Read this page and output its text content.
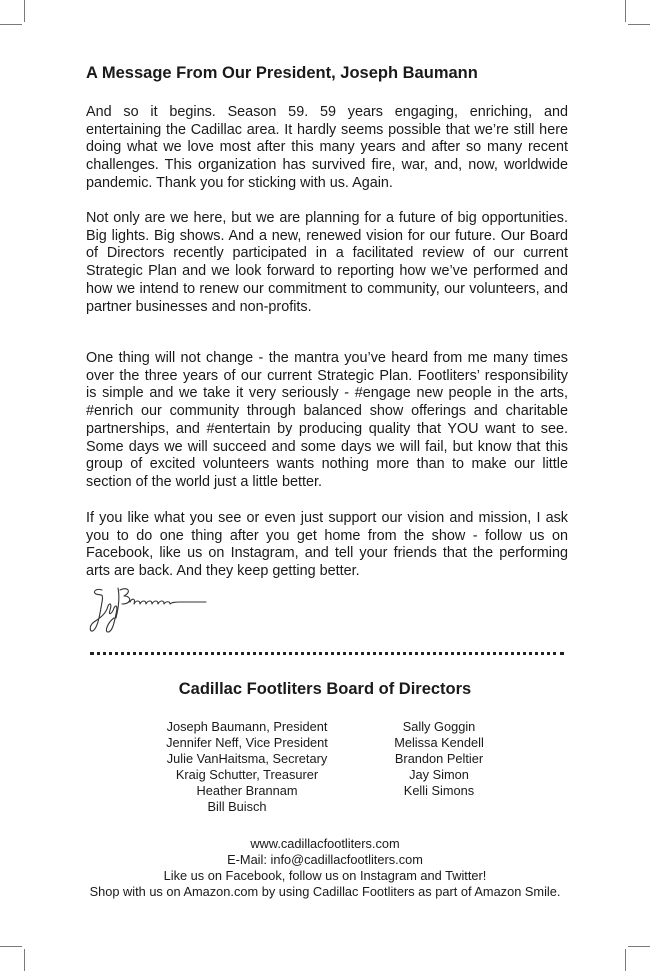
A Message From Our President, Joseph Baumann

And so it begins. Season 59. 59 years engaging, enriching, and entertaining the Cadillac area. It hardly seems possible that we’re still here doing what we love most after this many years and after so many recent challenges. This organization has survived fire, war, and, now, worldwide pandemic. Thank you for sticking with us. Again.

Not only are we here, but we are planning for a future of big opportunities. Big lights. Big shows. And a new, renewed vision for our future. Our Board of Directors recently participated in a facilitated review of our current Strategic Plan and we look forward to reporting how we’ve performed and how we intend to renew our commitment to community, our volunteers, and partner businesses and non-profits.

One thing will not change - the mantra you’ve heard from me many times over the three years of our current Strategic Plan. Footliters’ responsibility is simple and we take it very seriously - #engage new people in the arts, #enrich our community through balanced show offerings and charitable partnerships, and #entertain by producing quality that YOU want to see. Some days we will succeed and some days we will fail, but know that this group of excited volunteers wants nothing more than to make our little section of the world just a little better.

If you like what you see or even just support our vision and mission, I ask you to do one thing after you get home from the show - follow us on Facebook, like us on Instagram, and tell your friends that the performing arts are back. And they keep getting better.

Cadillac Footliters Board of Directors
Joseph Baumann, President
Jennifer Neff, Vice President
Julie VanHaitsma, Secretary
Kraig Schutter, Treasurer
Heather Brannam
Bill Buisch
Sally Goggin
Melissa Kendell
Brandon Peltier
Jay Simon
Kelli Simons
www.cadillacfootliters.com
E-Mail: info@cadillacfootliters.com
Like us on Facebook, follow us on Instagram and Twitter!
Shop with us on Amazon.com by using Cadillac Footliters as part of Amazon Smile.
